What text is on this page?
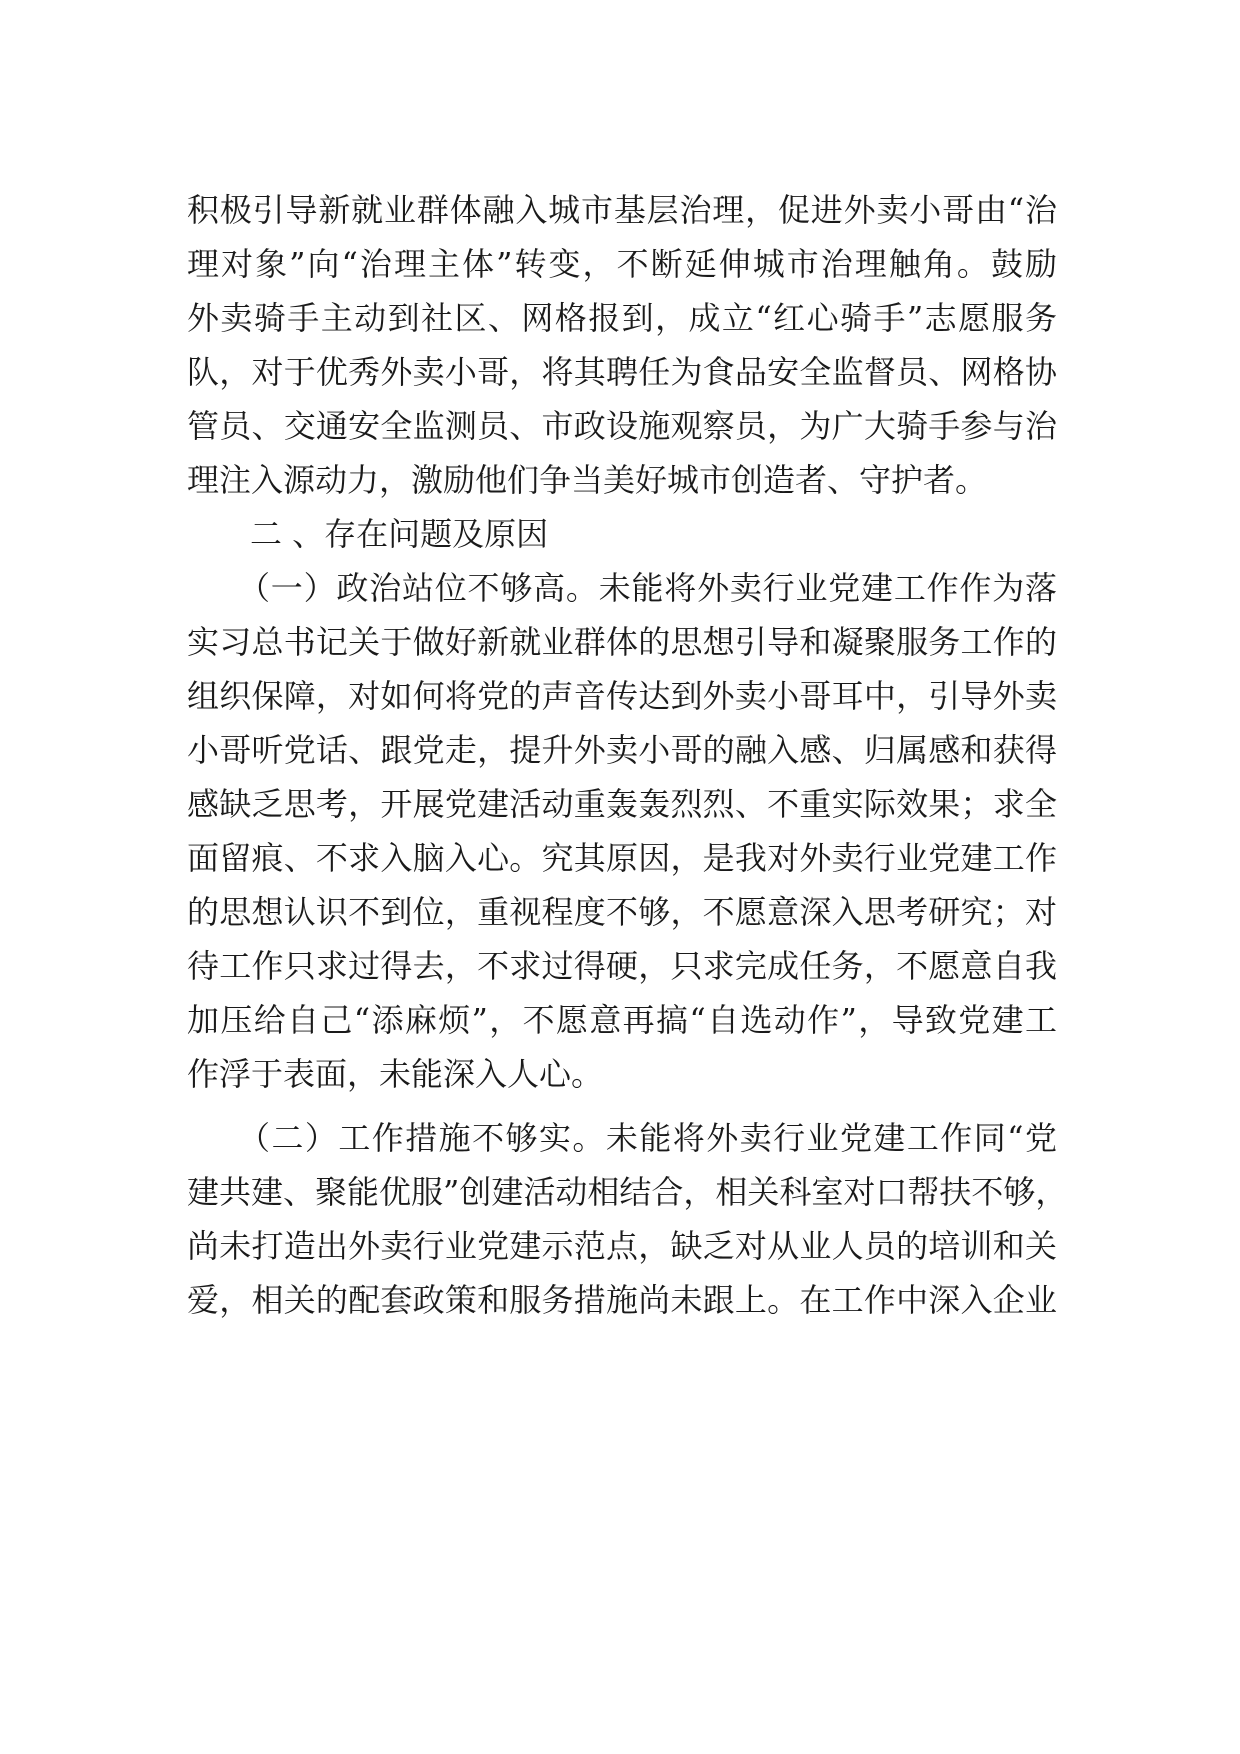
积极引导新就业群体融入城市基层治理，促进外卖小哥由“治
理对象”向“治理主体”转变，不断延伸城市治理触角。鼓励
外卖骑手主动到社区、网格报到，成立“红心骑手”志愿服务
队，对于优秀外卖小哥，将其聘任为食品安全监督员、网格协
管员、交通安全监测员、市政设施观察员，为广大骑手参与治
理注入源动力，激励他们争当美好城市创造者、守护者。
二 、存在问题及原因
（一）政治站位不够高。未能将外卖行业党建工作作为落
实习总书记关于做好新就业群体的思想引导和凝聚服务工作的
组织保障，对如何将党的声音传达到外卖小哥耳中，引导外卖
小哥听党话、跟党走，提升外卖小哥的融入感、归属感和获得
感缺乏思考，开展党建活动重轰轰烈烈、不重实际效果；求全
面留痕、不求入脑入心。究其原因，是我对外卖行业党建工作
的思想认识不到位，重视程度不够，不愿意深入思考研究；对
待工作只求过得去，不求过得硬，只求完成任务，不愿意自我
加压给自己“添麻烦”，不愿意再搞“自选动作”，导致党建工
作浮于表面，未能深入人心。
（二）工作措施不够实。未能将外卖行业党建工作同“党
建共建、聚能优服”创建活动相结合，相关科室对口帮扶不够，
尚未打造出外卖行业党建示范点，缺乏对从业人员的培训和关
爱，相关的配套政策和服务措施尚未跟上。在工作中深入企业
